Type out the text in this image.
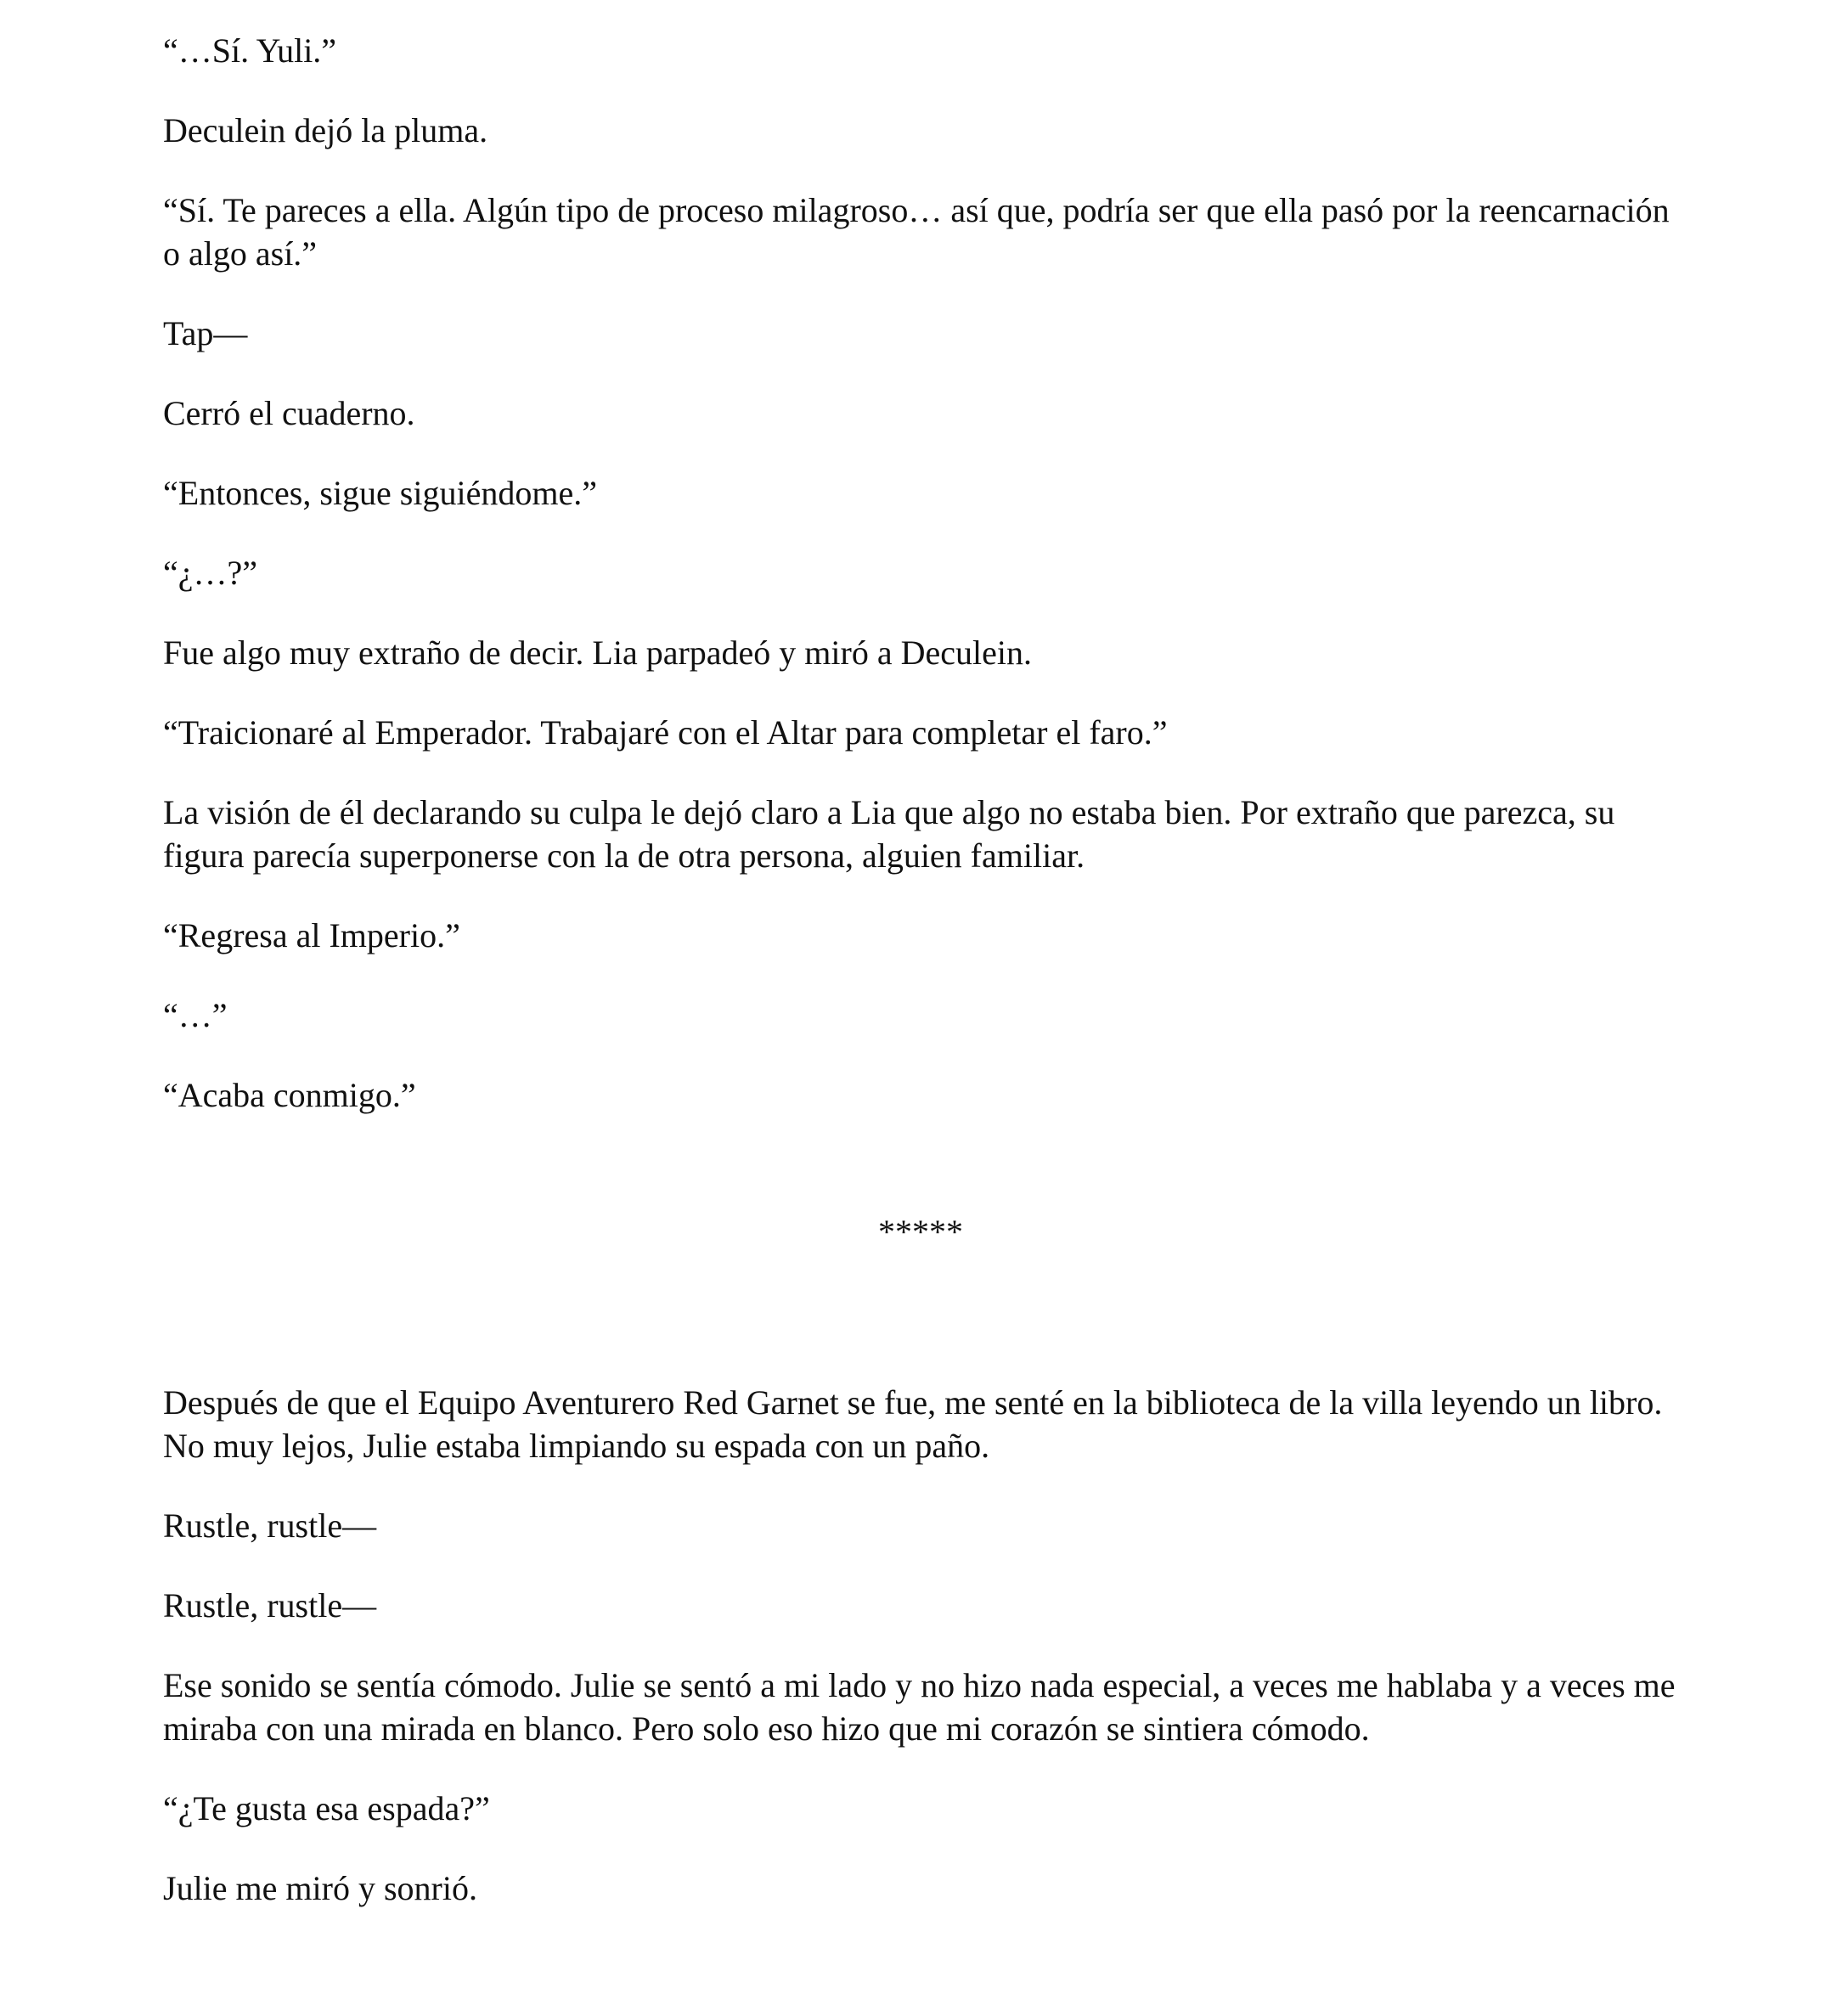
“…Sí. Yuli.”

Deculein dejó la pluma.

“Sí. Te pareces a ella. Algún tipo de proceso milagroso… así que, podría ser que ella pasó por la reencarnación o algo así.”

Tap—

Cerró el cuaderno.

“Entonces, sigue siguiéndome.”

“¿…?”

Fue algo muy extraño de decir. Lia parpadeó y miró a Deculein.

“Traicionaré al Emperador. Trabajaré con el Altar para completar el faro.”

La visión de él declarando su culpa le dejó claro a Lia que algo no estaba bien. Por extraño que parezca, su figura parecía superponerse con la de otra persona, alguien familiar.

“Regresa al Imperio.”

“…”

“Acaba conmigo.”

*****

Después de que el Equipo Aventurero Red Garnet se fue, me senté en la biblioteca de la villa leyendo un libro. No muy lejos, Julie estaba limpiando su espada con un paño.

Rustle, rustle—

Rustle, rustle—

Ese sonido se sentía cómodo. Julie se sentó a mi lado y no hizo nada especial, a veces me hablaba y a veces me miraba con una mirada en blanco. Pero solo eso hizo que mi corazón se sintiera cómodo.

“¿Te gusta esa espada?”

Julie me miró y sonrió.
